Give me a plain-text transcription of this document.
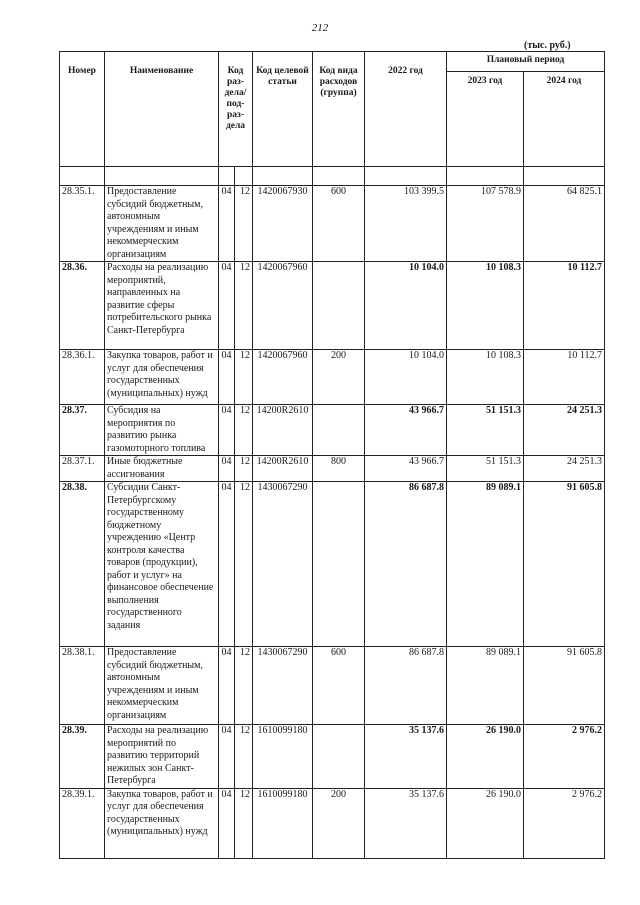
212
(тыс. руб.)
Номер	Наименование	Код раз-дела/ под-раз-дела		Код целевой статьи	Код вида расходов (группа)	2022 год	Плановый период	
							2023 год	2024 год

28.35.1.	Предоставление субсидий бюджетным, автономным учреждениям и иным некоммерческим организациям	04	12	1420067930	600	103 399.5	107 578.9	64 825.1
28.36.	Расходы на реализацию мероприятий, направленных на развитие сферы потребительского рынка Санкт-Петербурга	04	12	1420067960		10 104.0	10 108.3	10 112.7
28.36.1.	Закупка товаров, работ и услуг для обеспечения государственных (муниципальных) нужд	04	12	1420067960	200	10 104.0	10 108.3	10 112.7
28.37.	Субсидия на мероприятия по развитию рынка газомоторного топлива	04	12	14200R2610		43 966.7	51 151.3	24 251.3
28.37.1.	Иные бюджетные ассигнования	04	12	14200R2610	800	43 966.7	51 151.3	24 251.3
28.38.	Субсидии Санкт-Петербургскому государственному бюджетному учреждению «Центр контроля качества товаров (продукции), работ и услуг» на финансовое обеспечение выполнения государственного задания	04	12	1430067290		86 687.8	89 089.1	91 605.8
28.38.1.	Предоставление субсидий бюджетным, автономным учреждениям и иным некоммерческим организациям	04	12	1430067290	600	86 687.8	89 089.1	91 605.8
28.39.	Расходы на реализацию мероприятий по развитию территорий нежилых зон Санкт-Петербурга	04	12	1610099180		35 137.6	26 190.0	2 976.2
28.39.1.	Закупка товаров, работ и услуг для обеспечения государственных (муниципальных) нужд	04	12	1610099180	200	35 137.6	26 190.0	2 976.2
